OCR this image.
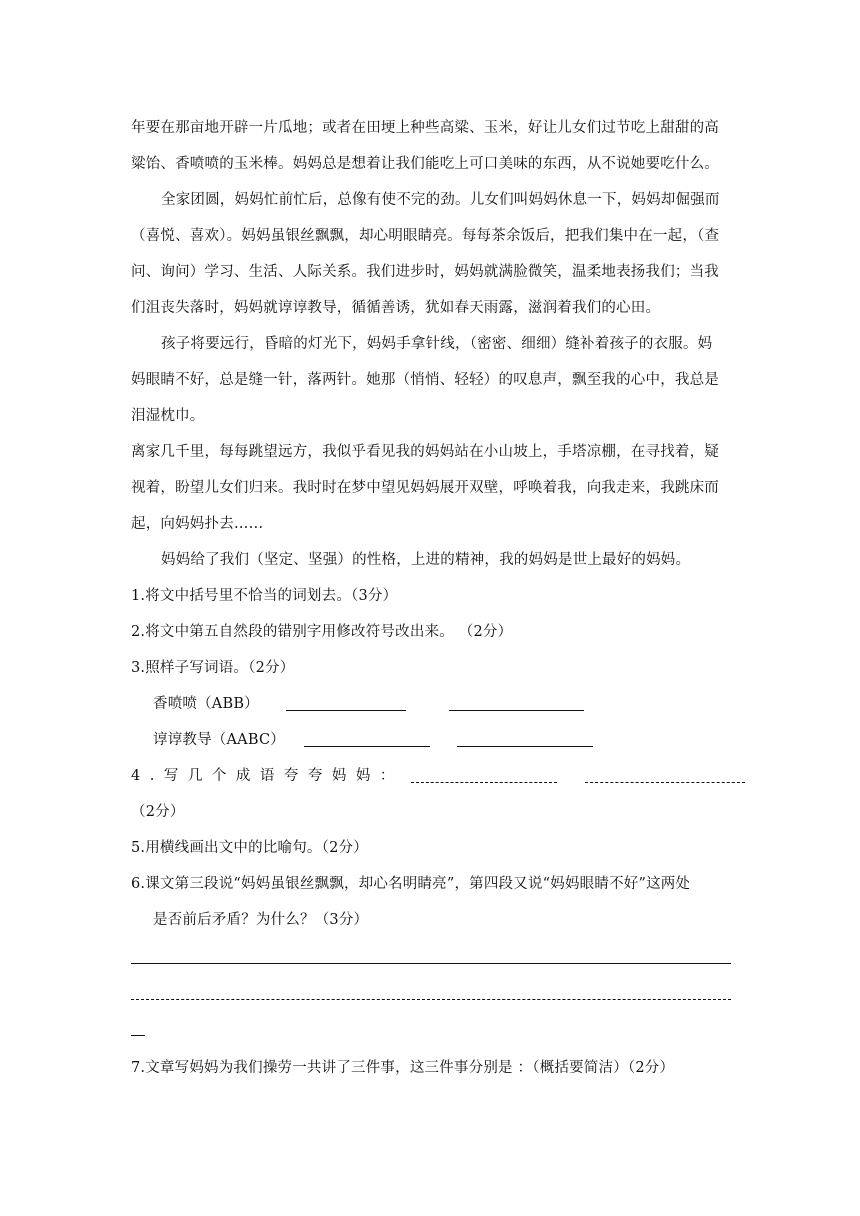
年要在那亩地开辟一片瓜地；或者在田埂上种些高粱、玉米，好让儿女们过节吃上甜甜的高
粱饴、香喷喷的玉米棒。妈妈总是想着让我们能吃上可口美味的东西，从不说她要吃什么。
全家团圆，妈妈忙前忙后，总像有使不完的劲。儿女们叫妈妈休息一下，妈妈却倔强而
（喜悦、喜欢）。妈妈虽银丝飘飘，却心明眼睛亮。每每茶余饭后，把我们集中在一起，（查
问、询问）学习、生活、人际关系。我们进步时，妈妈就满脸微笑，温柔地表扬我们；当我
们沮丧失落时，妈妈就谆谆教导，循循善诱，犹如春天雨露，滋润着我们的心田。
孩子将要远行，昏暗的灯光下，妈妈手拿针线，（密密、细细）缝补着孩子的衣服。妈
妈眼睛不好，总是缝一针，落两针。她那（悄悄、轻轻）的叹息声，飘至我的心中，我总是
泪湿枕巾。
离家几千里，每每跳望远方，我似乎看见我的妈妈站在小山坡上，手塔凉棚，在寻找着，疑
视着，盼望儿女们归来。我时时在梦中望见妈妈展开双壁，呼唤着我，向我走来，我跳床而
起，向妈妈扑去……
妈妈给了我们（坚定、坚强）的性格，上进的精神，我的妈妈是世上最好的妈妈。
1.将文中括号里不恰当的词划去。（3分）
2.将文中第五自然段的错别字用修改符号改出来。 （2分）
3.照样子写词语。（2分）
香喷喷（ABB）
谆谆教导（AABC）
4.写几个成语夸夸妈妈：
（2分）
5.用横线画出文中的比喻句。（2分）
6.课文第三段说“妈妈虽银丝飘飘，却心名明睛亮”，第四段又说“妈妈眼睛不好”这两处
是否前后矛盾？为什么？（3分）
7.文章写妈妈为我们操劳一共讲了三件事，这三件事分别是 ：（概括要简洁）（2分）
